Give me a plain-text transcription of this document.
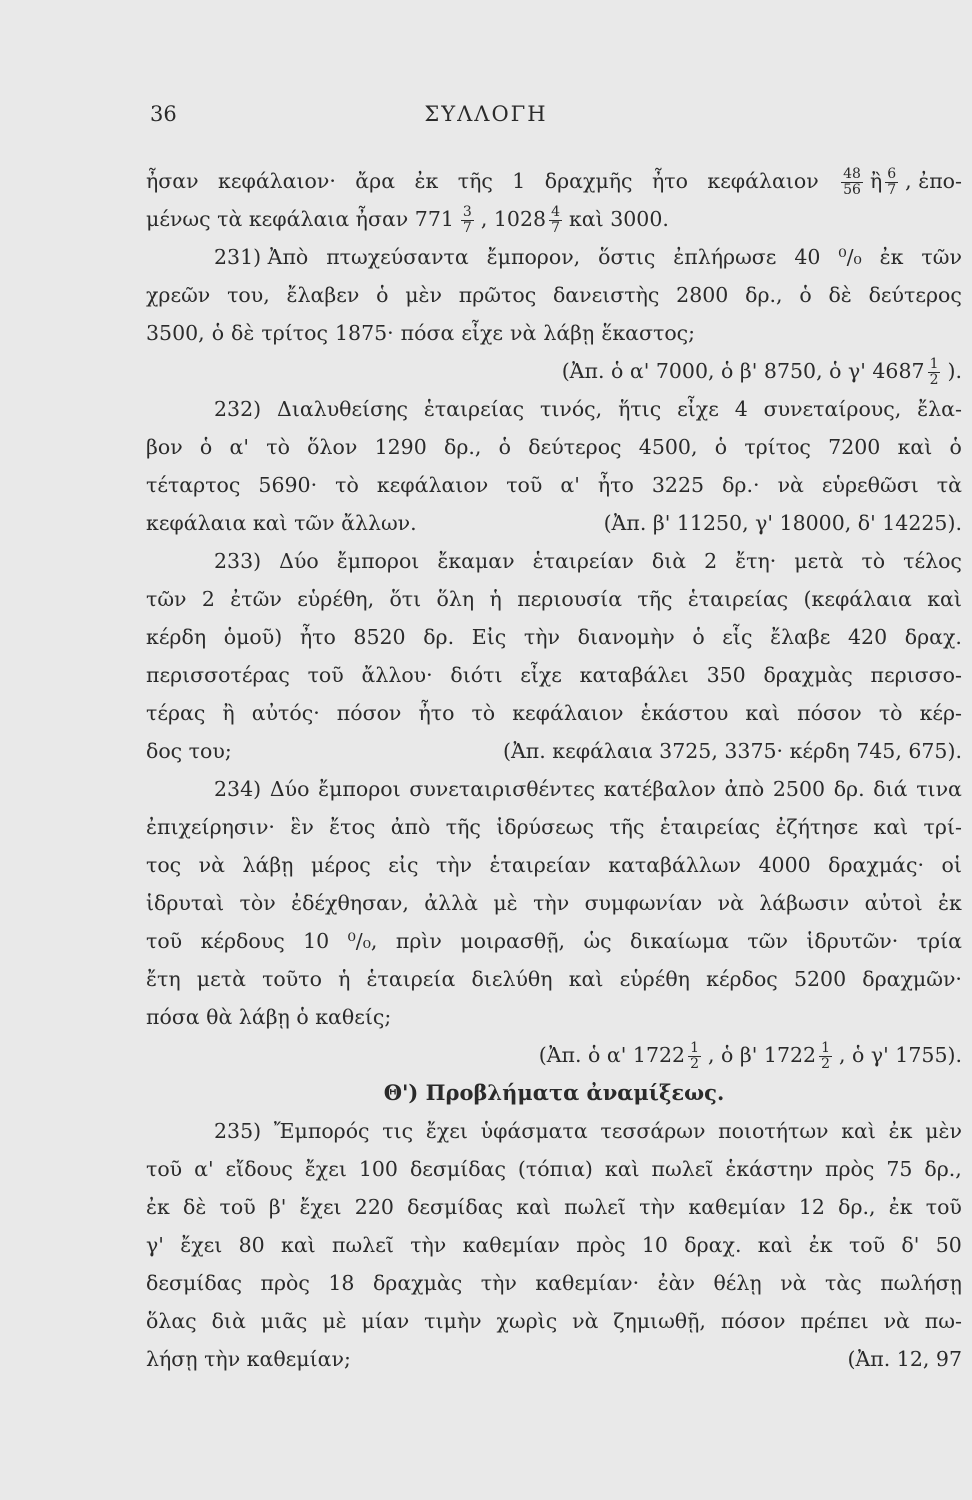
36	ΣΥΛΛΟΓΗ
ἦσαν κεφάλαιον· ἄρα ἐκ τῆς 1 δραχμῆς ἦτο κεφάλαιον $\frac{48}{56}$ ἢ $\frac{6}{7}$ , ἐπο-
μένως τὰ κεφάλαια ἦσαν $771 \frac{3}{7}$ , $1028 \frac{4}{7}$ καὶ 3000.
231) Ἀπὸ πτωχεύσαντα ἔμπορον, ὅστις ἐπλήρωσε 40 ⁰/₀ ἐκ τῶν
χρεῶν του, ἔλαβεν ὁ μὲν πρῶτος δανειστὴς 2800 δρ., ὁ δὲ δεύτερος
3500, ὁ δὲ τρίτος 1875· πόσα εἶχε νὰ λάβῃ ἕκαστος;
(Ἀπ. ὁ α' 7000, ὁ β' 8750, ὁ γ' $4687 \frac{1}{2}$ ).
232) Διαλυθείσης ἑταιρείας τινός, ἥτις εἶχε 4 συνεταίρους, ἔλα-
βον ὁ α' τὸ ὅλον 1290 δρ., ὁ δεύτερος 4500, ὁ τρίτος 7200 καὶ ὁ
τέταρτος 5690· τὸ κεφάλαιον τοῦ α' ἦτο 3225 δρ.· νὰ εὑρεθῶσι τὰ
κεφάλαια καὶ τῶν ἄλλων.	(Ἀπ. β' 11250, γ' 18000, δ' 14225).
233) Δύο ἔμποροι ἔκαμαν ἑταιρείαν διὰ 2 ἔτη· μετὰ τὸ τέλος
τῶν 2 ἐτῶν εὑρέθη, ὅτι ὅλη ἡ περιουσία τῆς ἑταιρείας (κεφάλαια καὶ
κέρδη ὁμοῦ) ἦτο 8520 δρ. Εἰς τὴν διανομὴν ὁ εἷς ἔλαβε 420 δραχ.
περισσοτέρας τοῦ ἄλλου· διότι εἶχε καταβάλει 350 δραχμὰς περισσο-
τέρας ἢ αὐτός· πόσον ἦτο τὸ κεφάλαιον ἑκάστου καὶ πόσον τὸ κέρ-
δος του;	(Ἀπ. κεφάλαια 3725, 3375· κέρδη 745, 675).
234) Δύο ἔμποροι συνεταιρισθέντες κατέβαλον ἀπὸ 2500 δρ. διά τινα
ἐπιχείρησιν· ἓν ἔτος ἀπὸ τῆς ἱδρύσεως τῆς ἑταιρείας ἐζήτησε καὶ τρί-
τος νὰ λάβῃ μέρος εἰς τὴν ἑταιρείαν καταβάλλων 4000 δραχμάς· οἱ
ἱδρυταὶ τὸν ἐδέχθησαν, ἀλλὰ μὲ τὴν συμφωνίαν νὰ λάβωσιν αὐτοὶ ἐκ
τοῦ κέρδους 10 ⁰/₀, πρὶν μοιρασθῇ, ὡς δικαίωμα τῶν ἱδρυτῶν· τρία
ἔτη μετὰ τοῦτο ἡ ἑταιρεία διελύθη καὶ εὑρέθη κέρδος 5200 δραχμῶν·
πόσα θὰ λάβῃ ὁ καθείς;
(Ἀπ. ὁ α' $1722 \frac{1}{2}$ , ὁ β' $1722 \frac{1}{2}$ , ὁ γ' 1755).
Θ') Προβλήματα ἀναμίξεως.
235) Ἔμπορός τις ἔχει ὑφάσματα τεσσάρων ποιοτήτων καὶ ἐκ μὲν
τοῦ α' εἴδους ἔχει 100 δεσμίδας (τόπια) καὶ πωλεῖ ἑκάστην πρὸς 75 δρ.,
ἐκ δὲ τοῦ β' ἔχει 220 δεσμίδας καὶ πωλεῖ τὴν καθεμίαν 12 δρ., ἐκ τοῦ
γ' ἔχει 80 καὶ πωλεῖ τὴν καθεμίαν πρὸς 10 δραχ. καὶ ἐκ τοῦ δ' 50
δεσμίδας πρὸς 18 δραχμὰς τὴν καθεμίαν· ἐὰν θέλῃ νὰ τὰς πωλήσῃ
ὅλας διὰ μιᾶς μὲ μίαν τιμὴν χωρὶς νὰ ζημιωθῇ, πόσον πρέπει νὰ πω-
λήσῃ τὴν καθεμίαν;	(Ἀπ. 12, 97
